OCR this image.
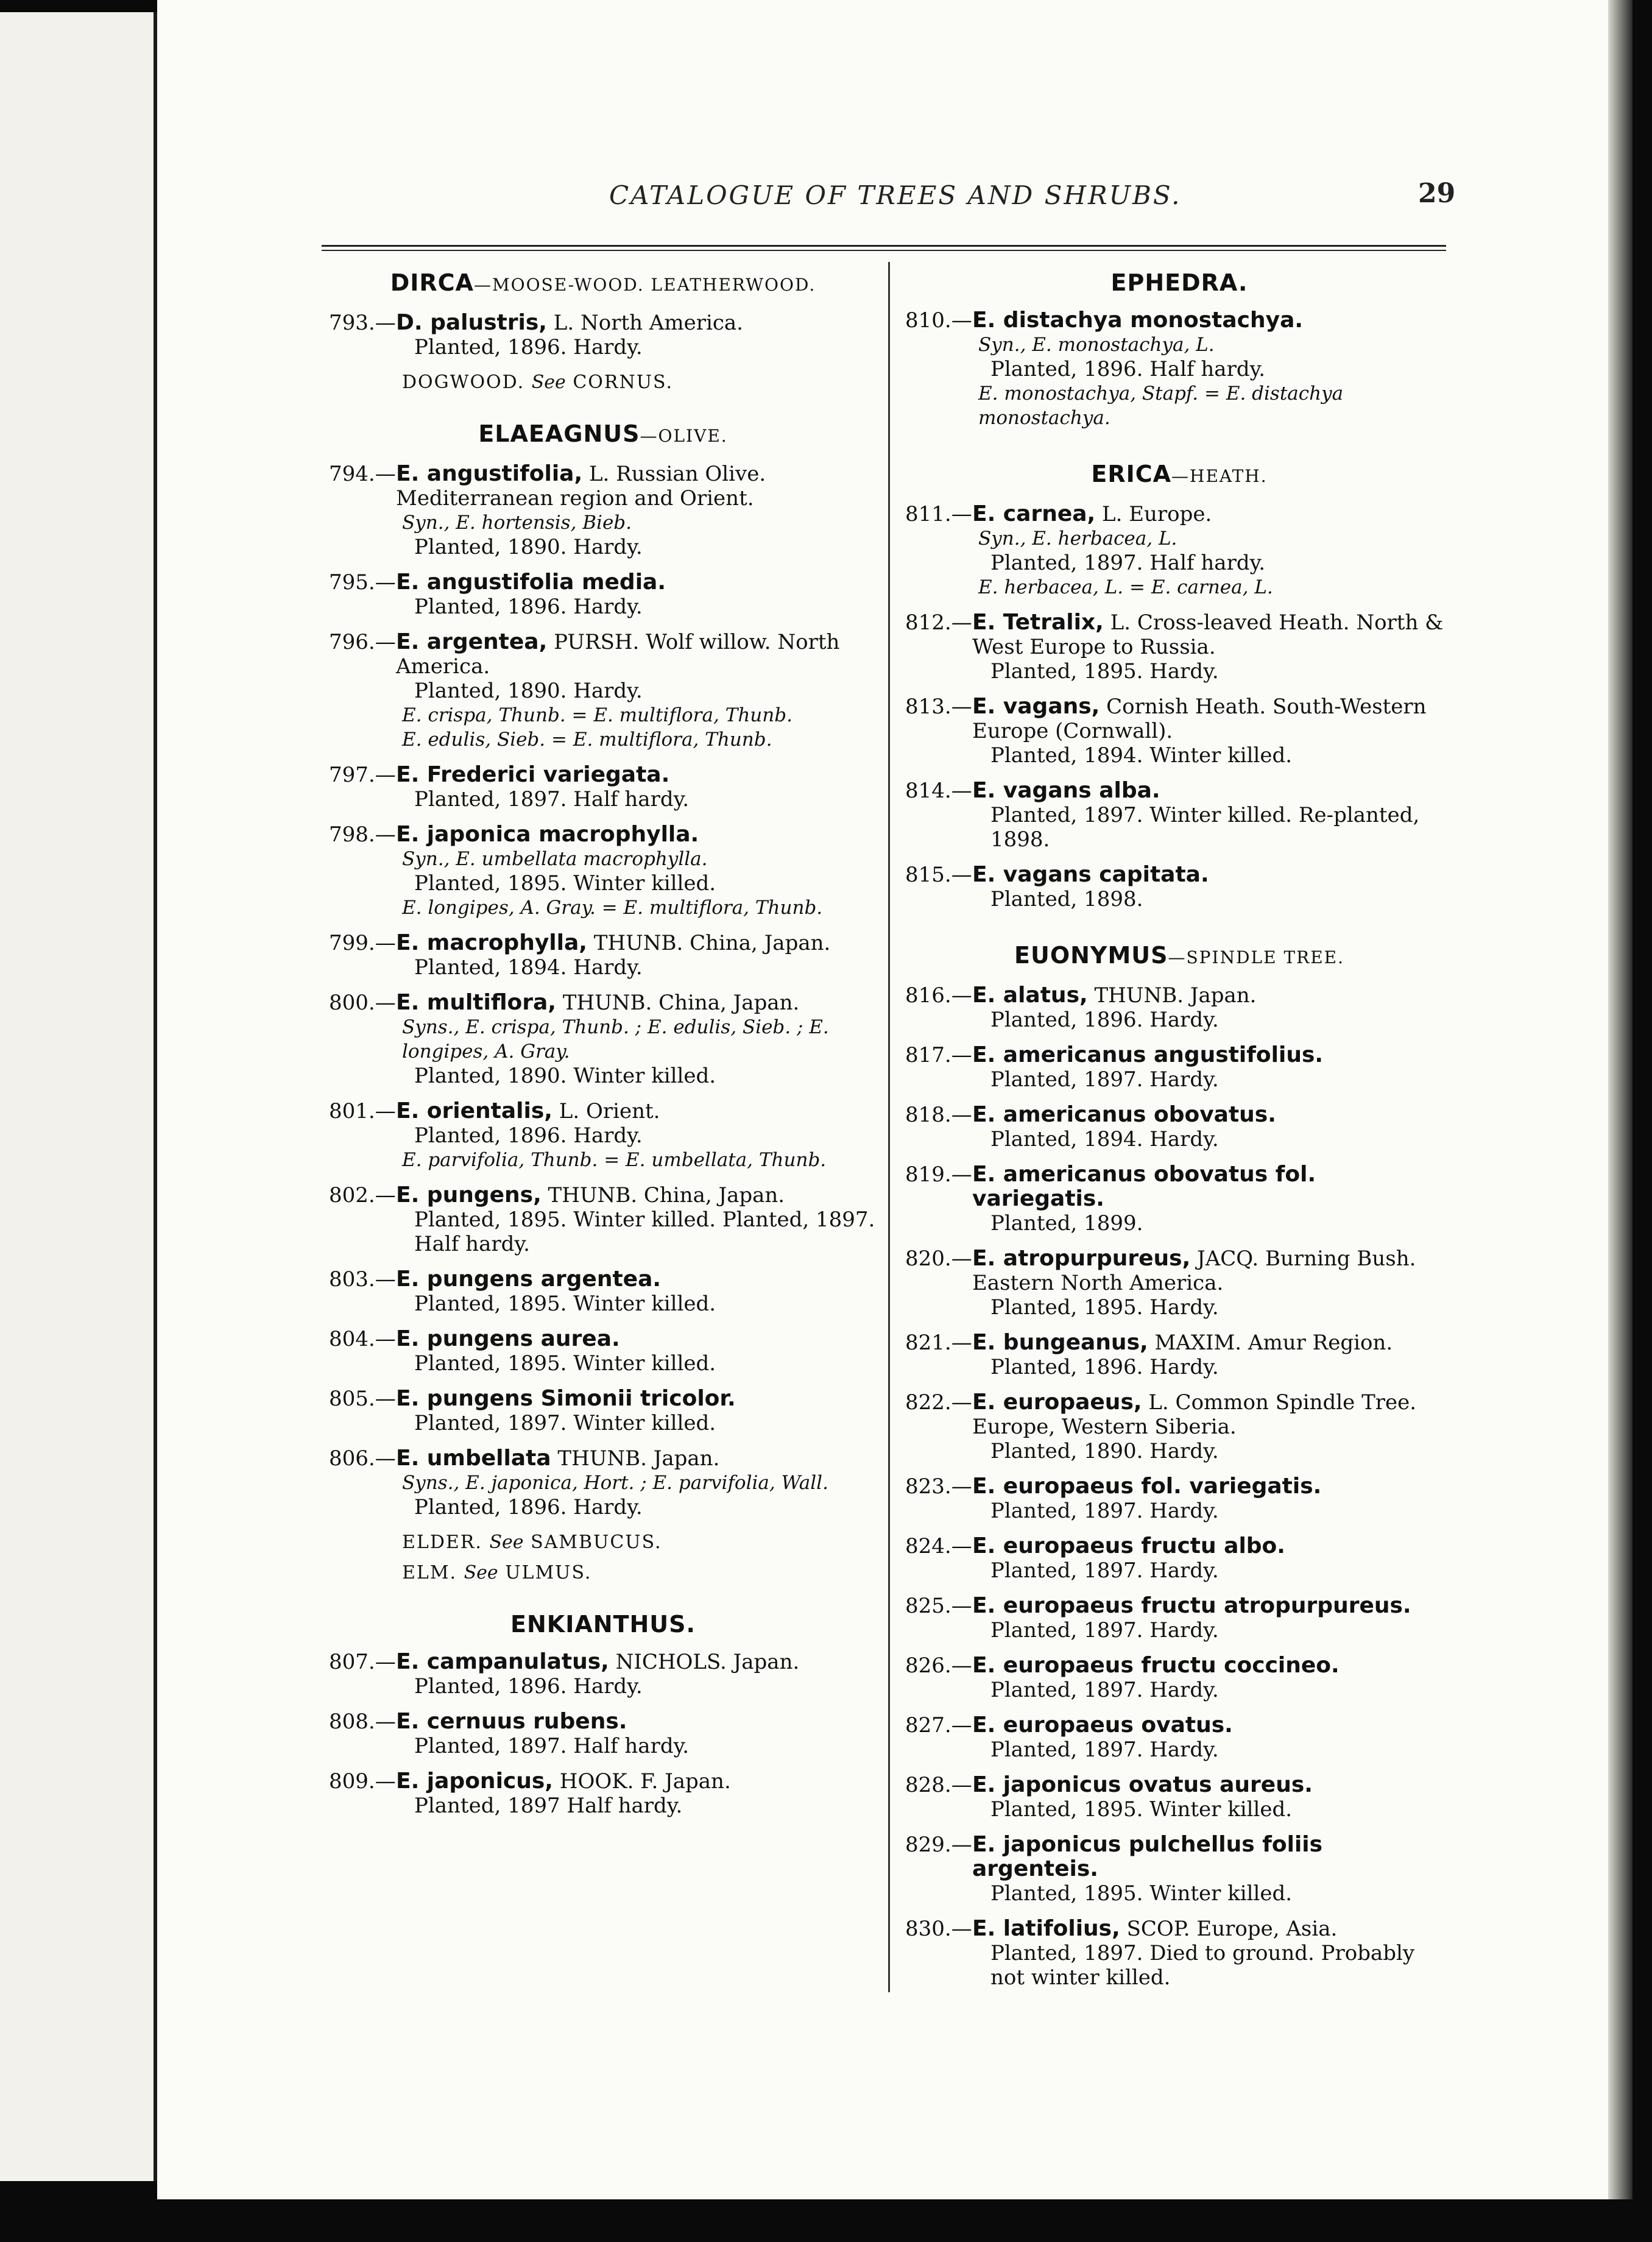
CATALOGUE OF TREES AND SHRUBS.	29
DIRCA—MOOSE-WOOD. LEATHERWOOD.
793.—D. palustris, L. North America.
Planted, 1896. Hardy.
DOGWOOD. See CORNUS.
ELAEAGNUS—OLIVE.
794.—E. angustifolia, L. Russian Olive. Mediterranean region and Orient.
Syn., E. hortensis, Bieb.
Planted, 1890. Hardy.
795.—E. angustifolia media.
Planted, 1896. Hardy.
796.—E. argentea, PURSH. Wolf willow. North America.
Planted, 1890. Hardy.
E. crispa, Thunb. = E. multiflora, Thunb.
E. edulis, Sieb. = E. multiflora, Thunb.
797.—E. Frederici variegata.
Planted, 1897. Half hardy.
798.—E. japonica macrophylla.
Syn., E. umbellata macrophylla.
Planted, 1895. Winter killed.
E. longipes, A. Gray. = E. multiflora, Thunb.
799.—E. macrophylla, THUNB. China, Japan.
Planted, 1894. Hardy.
800.—E. multiflora, THUNB. China, Japan.
Syns., E. crispa, Thunb. ; E. edulis, Sieb. ; E. longipes, A. Gray.
Planted, 1890. Winter killed.
801.—E. orientalis, L. Orient.
Planted, 1896. Hardy.
E. parvifolia, Thunb. = E. umbellata, Thunb.
802.—E. pungens, THUNB. China, Japan.
Planted, 1895. Winter killed. Planted, 1897. Half hardy.
803.—E. pungens argentea.
Planted, 1895. Winter killed.
804.—E. pungens aurea.
Planted, 1895. Winter killed.
805.—E. pungens Simonii tricolor.
Planted, 1897. Winter killed.
806.—E. umbellata THUNB. Japan.
Syns., E. japonica, Hort. ; E. parvifolia, Wall.
Planted, 1896. Hardy.
ELDER. See SAMBUCUS.
ELM. See ULMUS.
ENKIANTHUS.
807.—E. campanulatus, NICHOLS. Japan.
Planted, 1896. Hardy.
808.—E. cernuus rubens.
Planted, 1897. Half hardy.
809.—E. japonicus, HOOK. F. Japan.
Planted, 1897 Half hardy.
EPHEDRA.
810.—E. distachya monostachya.
Syn., E. monostachya, L.
Planted, 1896. Half hardy.
E. monostachya, Stapf. = E. distachya monostachya.
ERICA—HEATH.
811.—E. carnea, L. Europe.
Syn., E. herbacea, L.
Planted, 1897. Half hardy.
E. herbacea, L. = E. carnea, L.
812.—E. Tetralix, L. Cross-leaved Heath. North & West Europe to Russia.
Planted, 1895. Hardy.
813.—E. vagans, Cornish Heath. South-Western Europe (Cornwall).
Planted, 1894. Winter killed.
814.—E. vagans alba.
Planted, 1897. Winter killed. Re-planted, 1898.
815.—E. vagans capitata.
Planted, 1898.
EUONYMUS—SPINDLE TREE.
816.—E. alatus, THUNB. Japan.
Planted, 1896. Hardy.
817.—E. americanus angustifolius.
Planted, 1897. Hardy.
818.—E. americanus obovatus.
Planted, 1894. Hardy.
819.—E. americanus obovatus fol. variegatis.
Planted, 1899.
820.—E. atropurpureus, JACQ. Burning Bush. Eastern North America.
Planted, 1895. Hardy.
821.—E. bungeanus, MAXIM. Amur Region.
Planted, 1896. Hardy.
822.—E. europaeus, L. Common Spindle Tree. Europe, Western Siberia.
Planted, 1890. Hardy.
823.—E. europaeus fol. variegatis.
Planted, 1897. Hardy.
824.—E. europaeus fructu albo.
Planted, 1897. Hardy.
825.—E. europaeus fructu atropurpureus.
Planted, 1897. Hardy.
826.—E. europaeus fructu coccineo.
Planted, 1897. Hardy.
827.—E. europaeus ovatus.
Planted, 1897. Hardy.
828.—E. japonicus ovatus aureus.
Planted, 1895. Winter killed.
829.—E. japonicus pulchellus foliis argenteis.
Planted, 1895. Winter killed.
830.—E. latifolius, SCOP. Europe, Asia.
Planted, 1897. Died to ground. Probably not winter killed.
